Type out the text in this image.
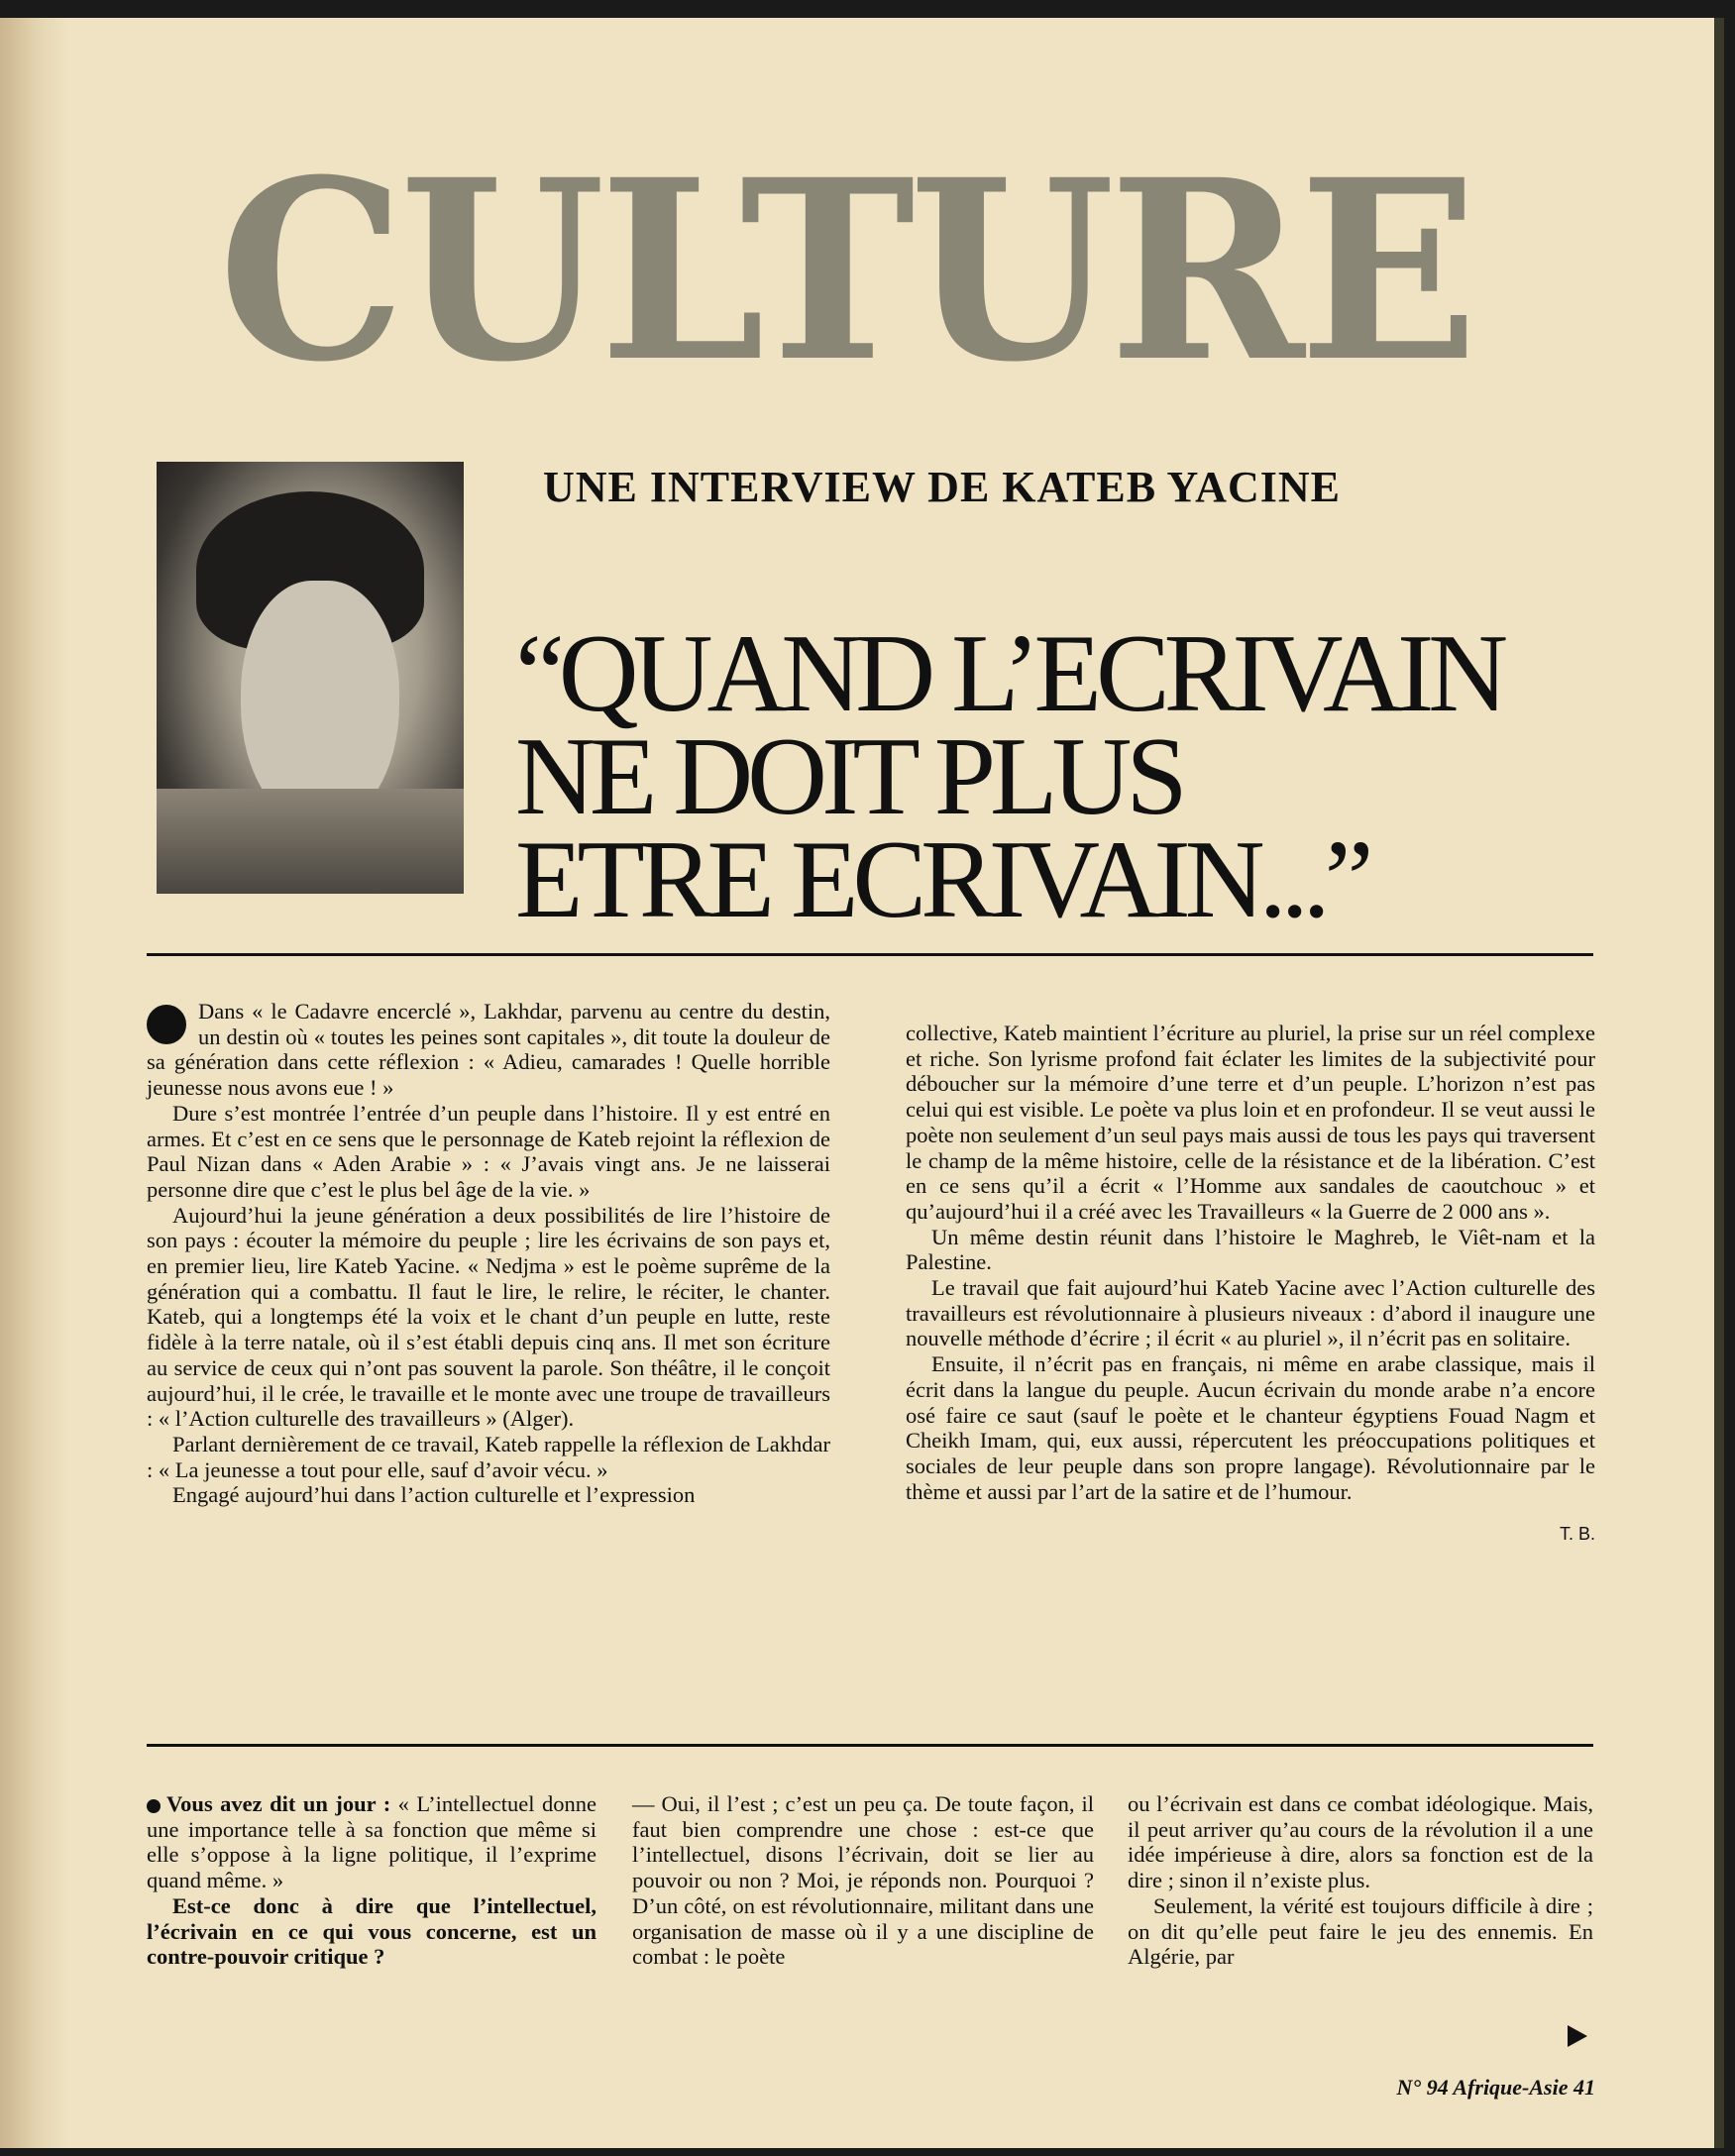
CULTURE
UNE INTERVIEW DE KATEB YACINE
“QUAND L’ECRIVAIN
NE DOIT PLUS
ETRE ECRIVAIN...”

Dans « le Cadavre encerclé », Lakhdar, parvenu au centre du destin, un destin où « toutes les peines sont capitales », dit toute la douleur de sa génération dans cette réflexion : « Adieu, camarades ! Quelle horrible jeunesse nous avons eue ! »

Dure s’est montrée l’entrée d’un peuple dans l’histoire. Il y est entré en armes. Et c’est en ce sens que le personnage de Kateb rejoint la réflexion de Paul Nizan dans « Aden Arabie » : « J’avais vingt ans. Je ne laisserai personne dire que c’est le plus bel âge de la vie. »

Aujourd’hui la jeune génération a deux possibilités de lire l’histoire de son pays : écouter la mémoire du peuple ; lire les écrivains de son pays et, en premier lieu, lire Kateb Yacine. « Nedjma » est le poème suprême de la génération qui a combattu. Il faut le lire, le relire, le réciter, le chanter. Kateb, qui a longtemps été la voix et le chant d’un peuple en lutte, reste fidèle à la terre natale, où il s’est établi depuis cinq ans. Il met son écriture au service de ceux qui n’ont pas souvent la parole. Son théâtre, il le conçoit aujourd’hui, il le crée, le travaille et le monte avec une troupe de travailleurs : « l’Action culturelle des travailleurs » (Alger).

Parlant dernièrement de ce travail, Kateb rappelle la réflexion de Lakhdar : « La jeunesse a tout pour elle, sauf d’avoir vécu. »

Engagé aujourd’hui dans l’action culturelle et l’expression

collective, Kateb maintient l’écriture au pluriel, la prise sur un réel complexe et riche. Son lyrisme profond fait éclater les limites de la subjectivité pour déboucher sur la mémoire d’une terre et d’un peuple. L’horizon n’est pas celui qui est visible. Le poète va plus loin et en profondeur. Il se veut aussi le poète non seulement d’un seul pays mais aussi de tous les pays qui traversent le champ de la même histoire, celle de la résistance et de la libération. C’est en ce sens qu’il a écrit « l’Homme aux sandales de caoutchouc » et qu’aujourd’hui il a créé avec les Travailleurs « la Guerre de 2 000 ans ».

Un même destin réunit dans l’histoire le Maghreb, le Viêt-nam et la Palestine.

Le travail que fait aujourd’hui Kateb Yacine avec l’Action culturelle des travailleurs est révolutionnaire à plusieurs niveaux : d’abord il inaugure une nouvelle méthode d’écrire ; il écrit « au pluriel », il n’écrit pas en solitaire.

Ensuite, il n’écrit pas en français, ni même en arabe classique, mais il écrit dans la langue du peuple. Aucun écrivain du monde arabe n’a encore osé faire ce saut (sauf le poète et le chanteur égyptiens Fouad Nagm et Cheikh Imam, qui, eux aussi, répercutent les préoccupations politiques et sociales de leur peuple dans son propre langage). Révolutionnaire par le thème et aussi par l’art de la satire et de l’humour.

T. B.

Vous avez dit un jour : « L’intellectuel donne une importance telle à sa fonction que même si elle s’oppose à la ligne politique, il l’exprime quand même. »

Est-ce donc à dire que l’intellectuel, l’écrivain en ce qui vous concerne, est un contre-pouvoir critique ?

— Oui, il l’est ; c’est un peu ça. De toute façon, il faut bien comprendre une chose : est-ce que l’intellectuel, disons l’écrivain, doit se lier au pouvoir ou non ? Moi, je réponds non. Pourquoi ? D’un côté, on est révolutionnaire, militant dans une organisation de masse où il y a une discipline de combat : le poète

ou l’écrivain est dans ce combat idéologique. Mais, il peut arriver qu’au cours de la révolution il a une idée impérieuse à dire, alors sa fonction est de la dire ; sinon il n’existe plus.

Seulement, la vérité est toujours difficile à dire ; on dit qu’elle peut faire le jeu des ennemis. En Algérie, par

N° 94 Afrique-Asie 41
